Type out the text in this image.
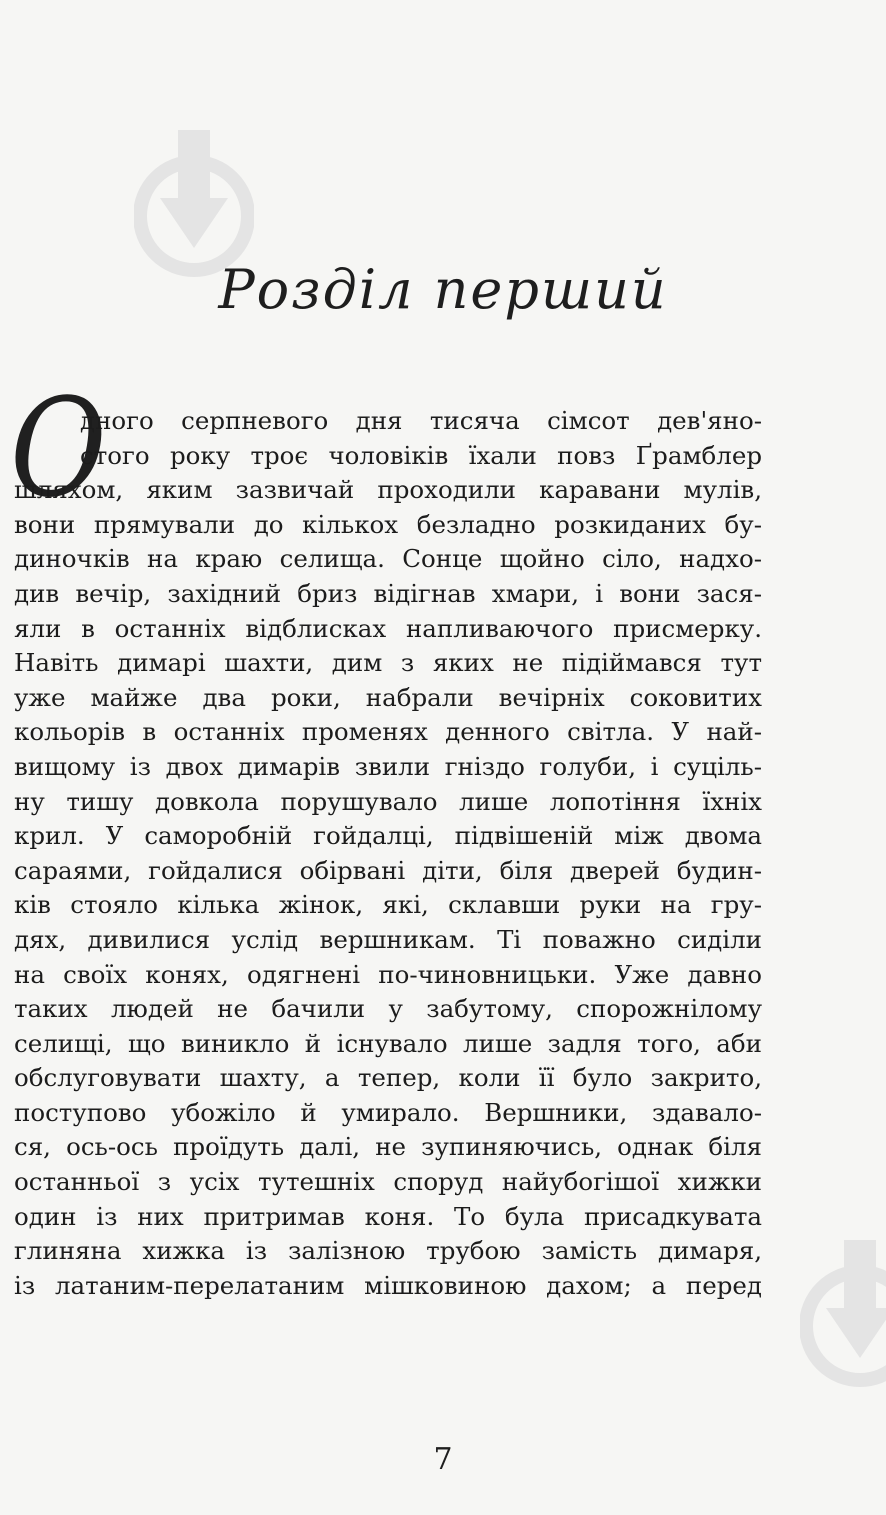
Розділ перший
О
дного серпневого дня тисяча сімсот дев'яно-
стого року троє чоловіків їхали повз Ґрамблер
шляхом, яким зазвичай проходили каравани мулів,
вони прямували до кількох безладно розкиданих бу-
диночків на краю селища. Сонце щойно сіло, надхо-
див вечір, західний бриз відігнав хмари, і вони зася-
яли в останніх відблисках напливаючого присмерку.
Навіть димарі шахти, дим з яких не підіймався тут
уже майже два роки, набрали вечірніх соковитих
кольорів в останніх променях денного світла. У най-
вищому із двох димарів звили гніздо голуби, і суціль-
ну тишу довкола порушувало лише лопотіння їхніх
крил. У саморобній гойдалці, підвішеній між двома
сараями, гойдалися обірвані діти, біля дверей будин-
ків стояло кілька жінок, які, склавши руки на гру-
дях, дивилися услід вершникам. Ті поважно сиділи
на своїх конях, одягнені по-чиновницьки. Уже давно
таких людей не бачили у забутому, спорожнілому
селищі, що виникло й існувало лише задля того, аби
обслуговувати шахту, а тепер, коли її було закрито,
поступово убожіло й умирало. Вершники, здавало-
ся, ось-ось проїдуть далі, не зупиняючись, однак біля
останньої з усіх тутешніх споруд найубогішої хижки
один із них притримав коня. То була присадкувата
глиняна хижка із залізною трубою замість димаря,
із латаним-перелатаним мішковиною дахом; а перед
7
